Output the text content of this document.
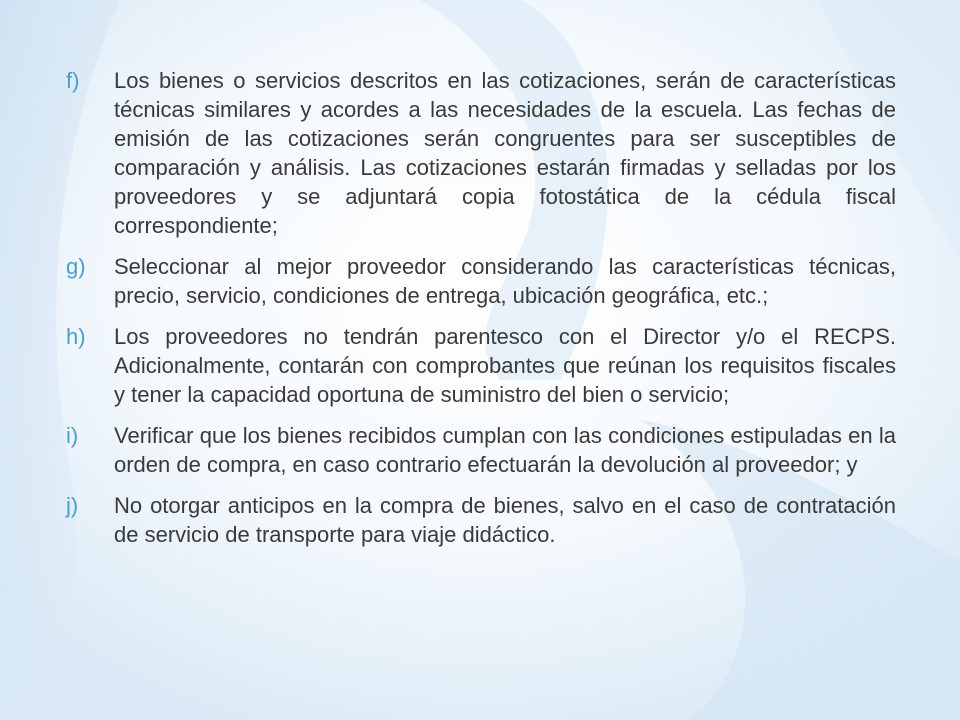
f)	Los bienes o servicios descritos en las cotizaciones, serán de características técnicas similares y acordes a las necesidades de la escuela. Las fechas de emisión de las cotizaciones serán congruentes para ser susceptibles de comparación y análisis. Las cotizaciones estarán firmadas y selladas por los proveedores y se adjuntará copia fotostática de la cédula fiscal correspondiente;
g)	Seleccionar al mejor proveedor considerando las características técnicas, precio, servicio, condiciones de entrega, ubicación geográfica, etc.;
h)	Los proveedores no tendrán parentesco con el Director y/o el RECPS. Adicionalmente, contarán con comprobantes que reúnan los requisitos fiscales y tener la capacidad oportuna de suministro del bien o servicio;
i)	Verificar que los bienes recibidos cumplan con las condiciones estipuladas en la orden de compra, en caso contrario efectuarán la devolución al proveedor; y
j)	No otorgar anticipos en la compra de bienes, salvo en el caso de contratación de servicio de transporte para viaje didáctico.
